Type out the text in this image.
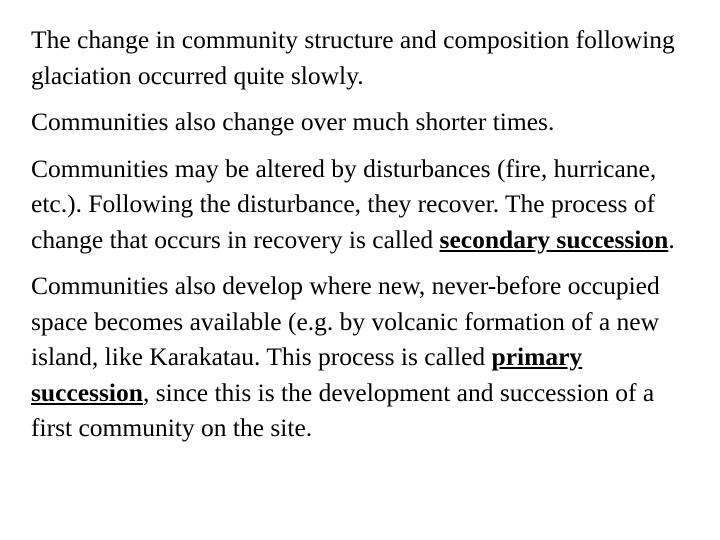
The change in community structure and composition following glaciation occurred quite slowly.

Communities also change over much shorter times.

Communities may be altered by disturbances (fire, hurricane, etc.). Following the disturbance, they recover. The process of change that occurs in recovery is called secondary succession.

Communities also develop where new, never-before occupied space becomes available (e.g. by volcanic formation of a new island, like Karakatau. This process is called primary succession, since this is the development and succession of a first community on the site.
